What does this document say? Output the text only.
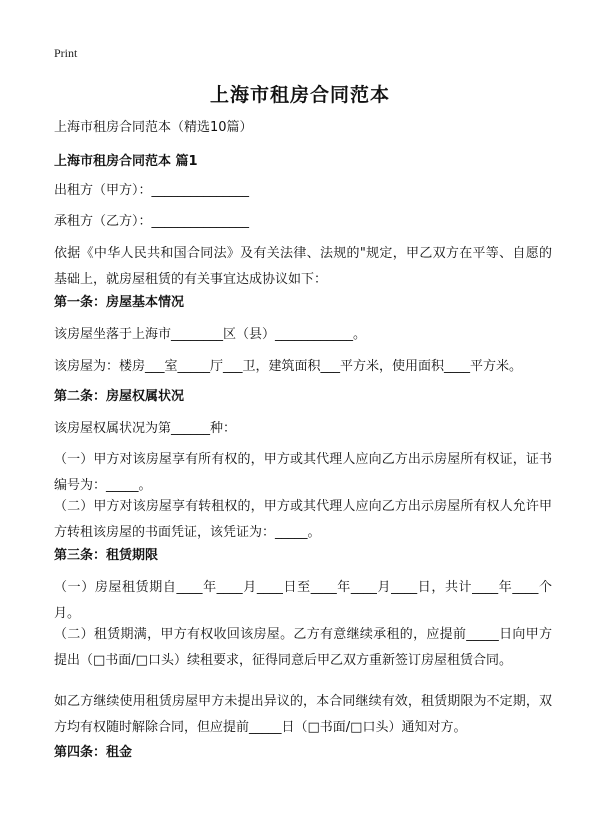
Print
上海市租房合同范本
上海市租房合同范本（精选10篇）
上海市租房合同范本 篇1
出租方（甲方）：_______________
承租方（乙方）：_______________
依据《中华人民共和国合同法》及有关法律、法规的"规定，甲乙双方在平等、自愿的基础上，就房屋租赁的有关事宜达成协议如下：
第一条：房屋基本情况
该房屋坐落于上海市________区（县）____________。
该房屋为：楼房___室_____厅___卫，建筑面积___平方米，使用面积____平方米。
第二条：房屋权属状况
该房屋权属状况为第______种：
（一）甲方对该房屋享有所有权的，甲方或其代理人应向乙方出示房屋所有权证，证书编号为：_____。
（二）甲方对该房屋享有转租权的，甲方或其代理人应向乙方出示房屋所有权人允许甲方转租该房屋的书面凭证，该凭证为：_____。
第三条：租赁期限
（一）房屋租赁期自____年____月____日至____年____月____日，共计____年____个月。
（二）租赁期满，甲方有权收回该房屋。乙方有意继续承租的，应提前_____日向甲方提出（□书面/□口头）续租要求，征得同意后甲乙双方重新签订房屋租赁合同。
如乙方继续使用租赁房屋甲方未提出异议的，本合同继续有效，租赁期限为不定期，双方均有权随时解除合同，但应提前_____日（□书面/□口头）通知对方。
第四条：租金
